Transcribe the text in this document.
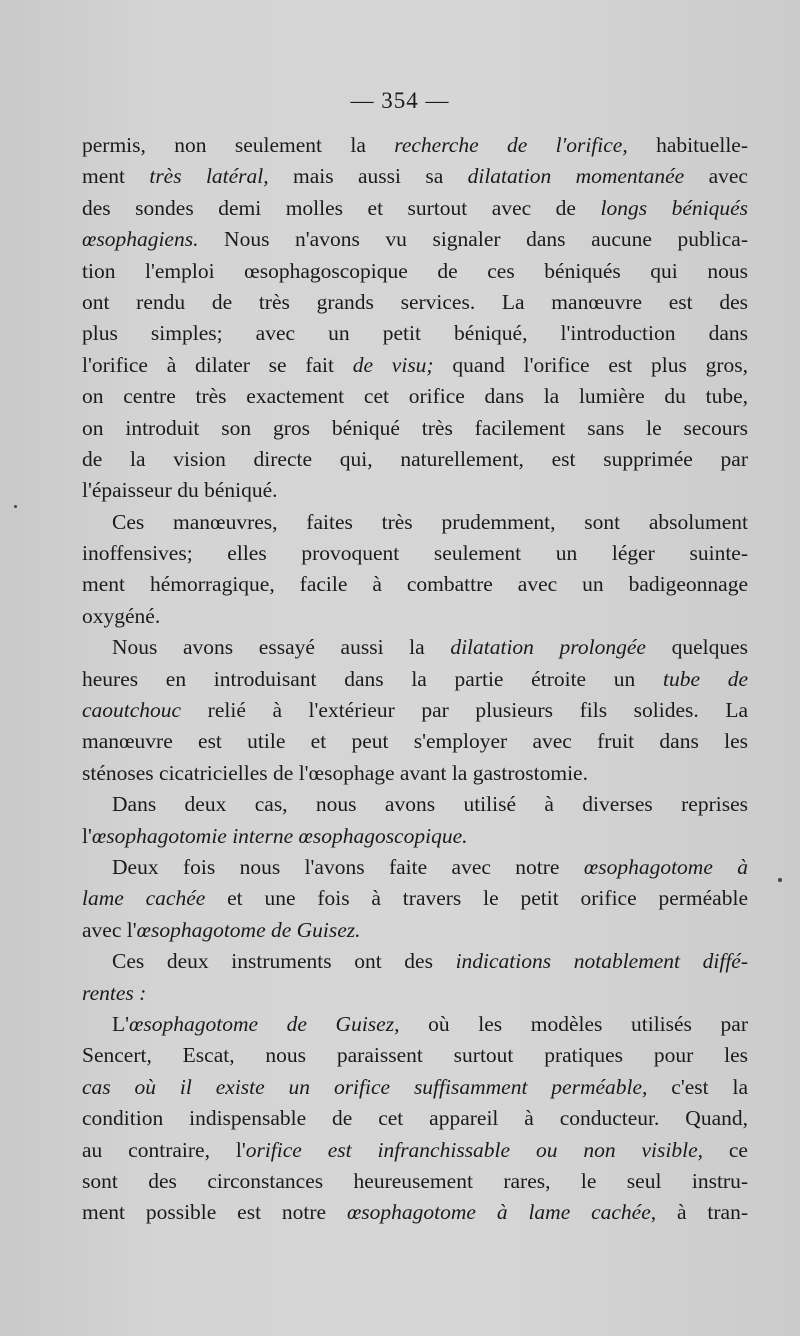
— 354 —
permis, non seulement la recherche de l'orifice, habituelle-
ment très latéral, mais aussi sa dilatation momentanée avec
des sondes demi molles et surtout avec de longs béniqués
œsophagiens. Nous n'avons vu signaler dans aucune publica-
tion l'emploi œsophagoscopique de ces béniqués qui nous
ont rendu de très grands services. La manœuvre est des
plus simples; avec un petit béniqué, l'introduction dans
l'orifice à dilater se fait de visu; quand l'orifice est plus gros,
on centre très exactement cet orifice dans la lumière du tube,
on introduit son gros béniqué très facilement sans le secours
de la vision directe qui, naturellement, est supprimée par
l'épaisseur du béniqué.
Ces manœuvres, faites très prudemment, sont absolument
inoffensives; elles provoquent seulement un léger suinte-
ment hémorragique, facile à combattre avec un badigeonnage
oxygéné.
Nous avons essayé aussi la dilatation prolongée quelques
heures en introduisant dans la partie étroite un tube de
caoutchouc relié à l'extérieur par plusieurs fils solides. La
manœuvre est utile et peut s'employer avec fruit dans les
sténoses cicatricielles de l'œsophage avant la gastrostomie.
Dans deux cas, nous avons utilisé à diverses reprises
l'œsophagotomie interne œsophagoscopique.
Deux fois nous l'avons faite avec notre œsophagotome à
lame cachée et une fois à travers le petit orifice perméable
avec l'œsophagotome de Guisez.
Ces deux instruments ont des indications notablement diffé-
rentes :
L'œsophagotome de Guisez, où les modèles utilisés par
Sencert, Escat, nous paraissent surtout pratiques pour les
cas où il existe un orifice suffisamment perméable, c'est la
condition indispensable de cet appareil à conducteur. Quand,
au contraire, l'orifice est infranchissable ou non visible, ce
sont des circonstances heureusement rares, le seul instru-
ment possible est notre œsophagotome à lame cachée, à tran-
